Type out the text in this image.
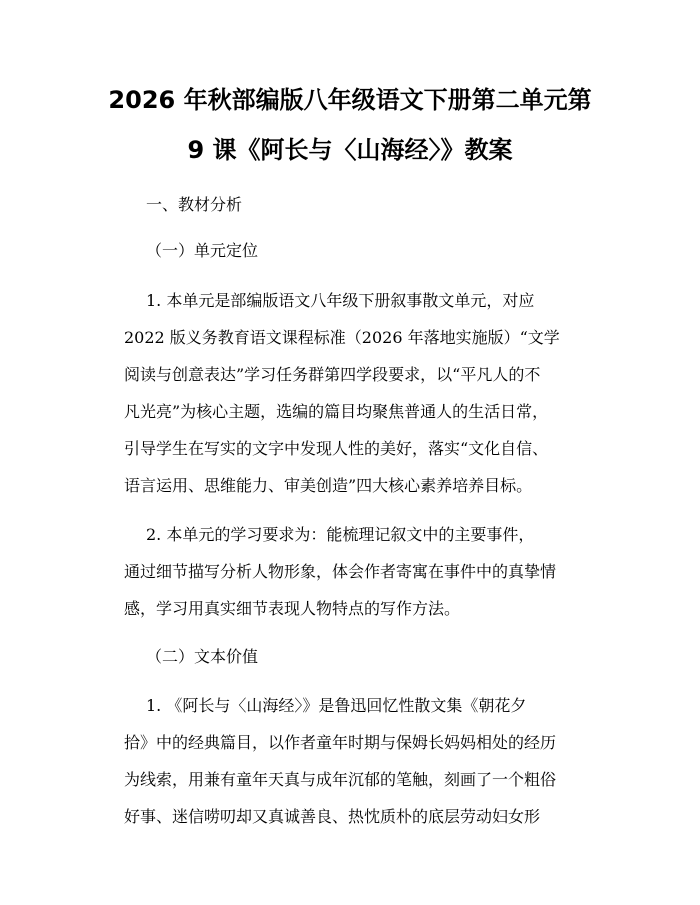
2026 年秋部编版八年级语文下册第二单元第
9 课《阿长与〈山海经〉》教案

一、教材分析

（一）单元定位

1. 本单元是部编版语文八年级下册叙事散文单元，对应

2022 版义务教育语文课程标准（2026 年落地实施版）“文学

阅读与创意表达”学习任务群第四学段要求，以“平凡人的不

凡光亮”为核心主题，选编的篇目均聚焦普通人的生活日常，

引导学生在写实的文字中发现人性的美好，落实“文化自信、

语言运用、思维能力、审美创造”四大核心素养培养目标。

2. 本单元的学习要求为：能梳理记叙文中的主要事件，

通过细节描写分析人物形象，体会作者寄寓在事件中的真挚情

感，学习用真实细节表现人物特点的写作方法。

（二）文本价值

1. 《阿长与〈山海经〉》是鲁迅回忆性散文集《朝花夕

拾》中的经典篇目，以作者童年时期与保姆长妈妈相处的经历

为线索，用兼有童年天真与成年沉郁的笔触，刻画了一个粗俗

好事、迷信唠叨却又真诚善良、热忱质朴的底层劳动妇女形
